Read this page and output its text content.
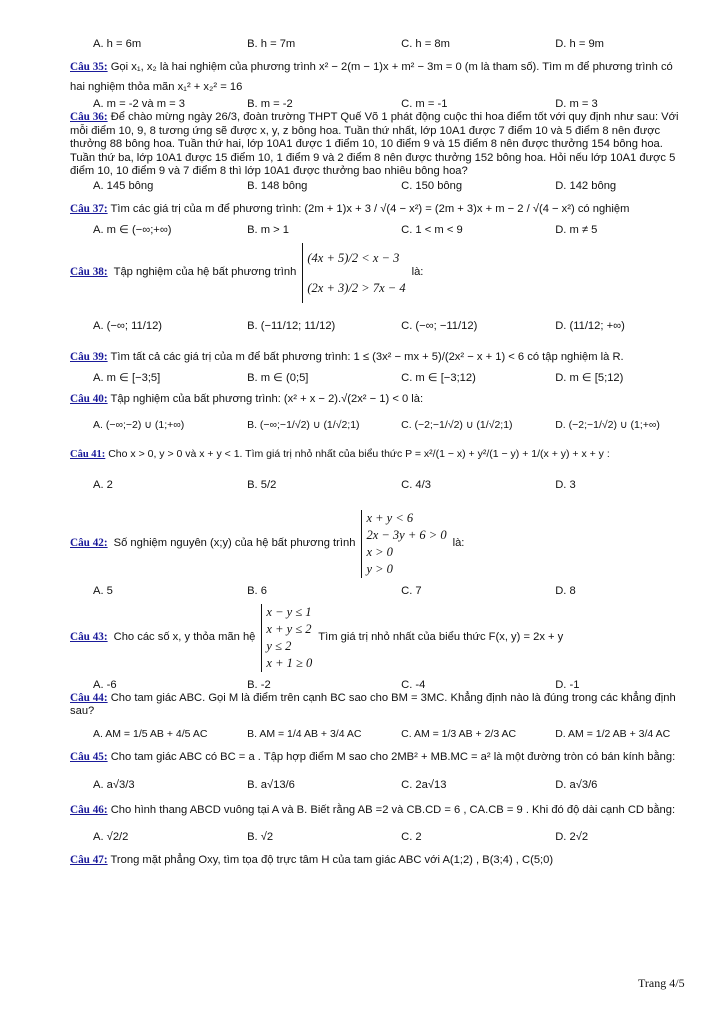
A. h = 6m	B. h = 7m	C. h = 8m	D. h = 9m

Câu 35: Gọi x₁, x₂ là hai nghiệm của phương trình x² − 2(m − 1)x + m² − 3m = 0 (m là tham số). Tìm m để phương trình có hai nghiệm thỏa mãn x₁² + x₂² = 16

A. m = -2 và m = 3	B. m = -2	C. m = -1	D. m = 3

Câu 36: Để chào mừng ngày 26/3, đoàn trường THPT Quế Võ 1 phát động cuộc thi hoa điểm tốt với quy định như sau: Với mỗi điểm 10, 9, 8 tương ứng sẽ được x, y, z bông hoa. Tuần thứ nhất, lớp 10A1 được 7 điểm 10 và 5 điểm 8 nên được thưởng 88 bông hoa. Tuần thứ hai, lớp 10A1 được 1 điểm 10, 10 điểm 9 và 15 điểm 8 nên được thưởng 154 bông hoa. Tuần thứ ba, lớp 10A1 được 15 điểm 10, 1 điểm 9 và 2 điểm 8 nên được thưởng 152 bông hoa. Hỏi nếu lớp 10A1 được 5 điểm 10, 10 điểm 9 và 7 điểm 8 thì lớp 10A1 được thưởng bao nhiêu bông hoa?

A. 145 bông	B. 148 bông	C. 150 bông	D. 142 bông

Câu 37: Tìm các giá trị của m để phương trình: (2m + 1)x + 3 / √(4 − x²) = (2m + 3)x + m − 2 / √(4 − x²) có nghiệm

A. m ∈ (−∞;+∞)	B. m > 1	C. 1 < m < 9	D. m ≠ 5
Câu 38: Tập nghiệm của hệ bất phương trình
(4x + 5)/2 < x − 3
(2x + 3)/2 > 7x − 4
là:
A. (−∞; 11/12)	B. (−11/12; 11/12)	C. (−∞; −11/12)	D. (11/12; +∞)

Câu 39: Tìm tất cả các giá trị của m để bất phương trình: 1 ≤ (3x² − mx + 5)/(2x² − x + 1) < 6 có tập nghiệm là R.

A. m ∈ [−3;5]	B. m ∈ (0;5]	C. m ∈ [−3;12)	D. m ∈ [5;12)

Câu 40: Tập nghiệm của bất phương trình: (x² + x − 2).√(2x² − 1) < 0 là:

A. (−∞;−2) ∪ (1;+∞)	B. (−∞;−1/√2) ∪ (1/√2;1)	C. (−2;−1/√2) ∪ (1/√2;1)	D. (−2;−1/√2) ∪ (1;+∞)

Câu 41: Cho x > 0, y > 0 và x + y < 1. Tìm giá trị nhỏ nhất của biểu thức P = x²/(1 − x) + y²/(1 − y) + 1/(x + y) + x + y :

A. 2	B. 5/2	C. 4/3	D. 3
Câu 42: Số nghiệm nguyên (x;y) của hệ bất phương trình
x + y < 6
2x − 3y + 6 > 0
x > 0
y > 0
là:
A. 5	B. 6	C. 7	D. 8
Câu 43: Cho các số x, y thỏa mãn hệ
x − y ≤ 1
x + y ≤ 2
y ≤ 2
x + 1 ≥ 0
Tìm giá trị nhỏ nhất của biểu thức F(x, y) = 2x + y
A. -6	B. -2	C. -4	D. -1

Câu 44: Cho tam giác ABC. Gọi M là điểm trên cạnh BC sao cho BM = 3MC. Khẳng định nào là đúng trong các khẳng định sau?

A. AM = 1/5 AB + 4/5 AC	B. AM = 1/4 AB + 3/4 AC	C. AM = 1/3 AB + 2/3 AC	D. AM = 1/2 AB + 3/4 AC

Câu 45: Cho tam giác ABC có BC = a . Tập hợp điểm M sao cho 2MB² + MB.MC = a² là một đường tròn có bán kính bằng:

A. a√3/3	B. a√13/6	C. 2a√13	D. a√3/6

Câu 46: Cho hình thang ABCD vuông tại A và B. Biết rằng AB =2 và CB.CD = 6 , CA.CB = 9 . Khi đó độ dài cạnh CD bằng:

A. √2/2	B. √2	C. 2	D. 2√2

Câu 47: Trong mặt phẳng Oxy, tìm tọa độ trực tâm H của tam giác ABC với A(1;2) , B(3;4) , C(5;0)

Trang 4/5
